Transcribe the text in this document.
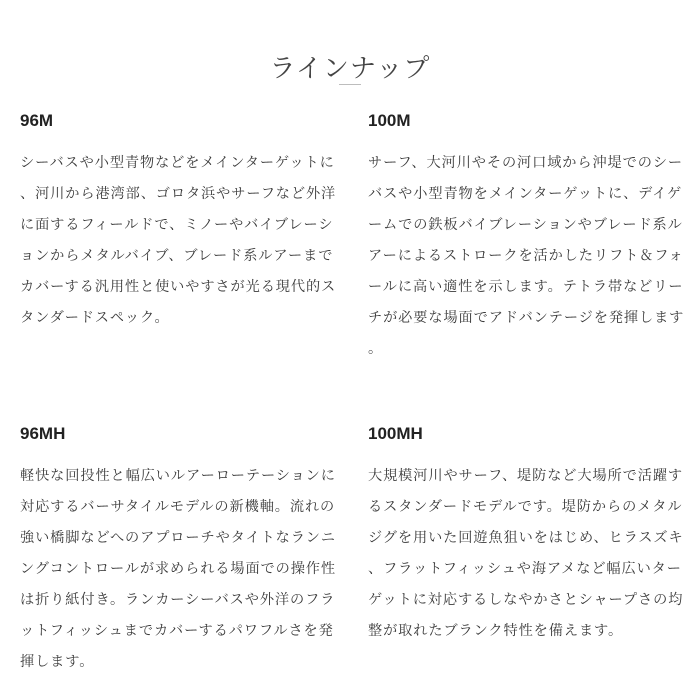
ラインナップ
96M

シーバスや小型青物などをメインターゲットに、河川から港湾部、ゴロタ浜やサーフなど外洋に面するフィールドで、ミノーやバイブレーションからメタルバイブ、ブレード系ルアーまでカバーする汎用性と使いやすさが光る現代的スタンダードスペック。

100M

サーフ、大河川やその河口域から沖堤でのシーバスや小型青物をメインターゲットに、デイゲームでの鉄板バイブレーションやブレード系ルアーによるストロークを活かしたリフト＆フォールに高い適性を示します。テトラ帯などリーチが必要な場面でアドバンテージを発揮します。

96MH

軽快な回投性と幅広いルアーローテーションに対応するバーサタイルモデルの新機軸。流れの強い橋脚などへのアプローチやタイトなランニングコントロールが求められる場面での操作性は折り紙付き。ランカーシーバスや外洋のフラットフィッシュまでカバーするパワフルさを発揮します。

100MH

大規模河川やサーフ、堤防など大場所で活躍するスタンダードモデルです。堤防からのメタルジグを用いた回遊魚狙いをはじめ、ヒラスズキ、フラットフィッシュや海アメなど幅広いターゲットに対応するしなやかさとシャープさの均整が取れたブランク特性を備えます。
